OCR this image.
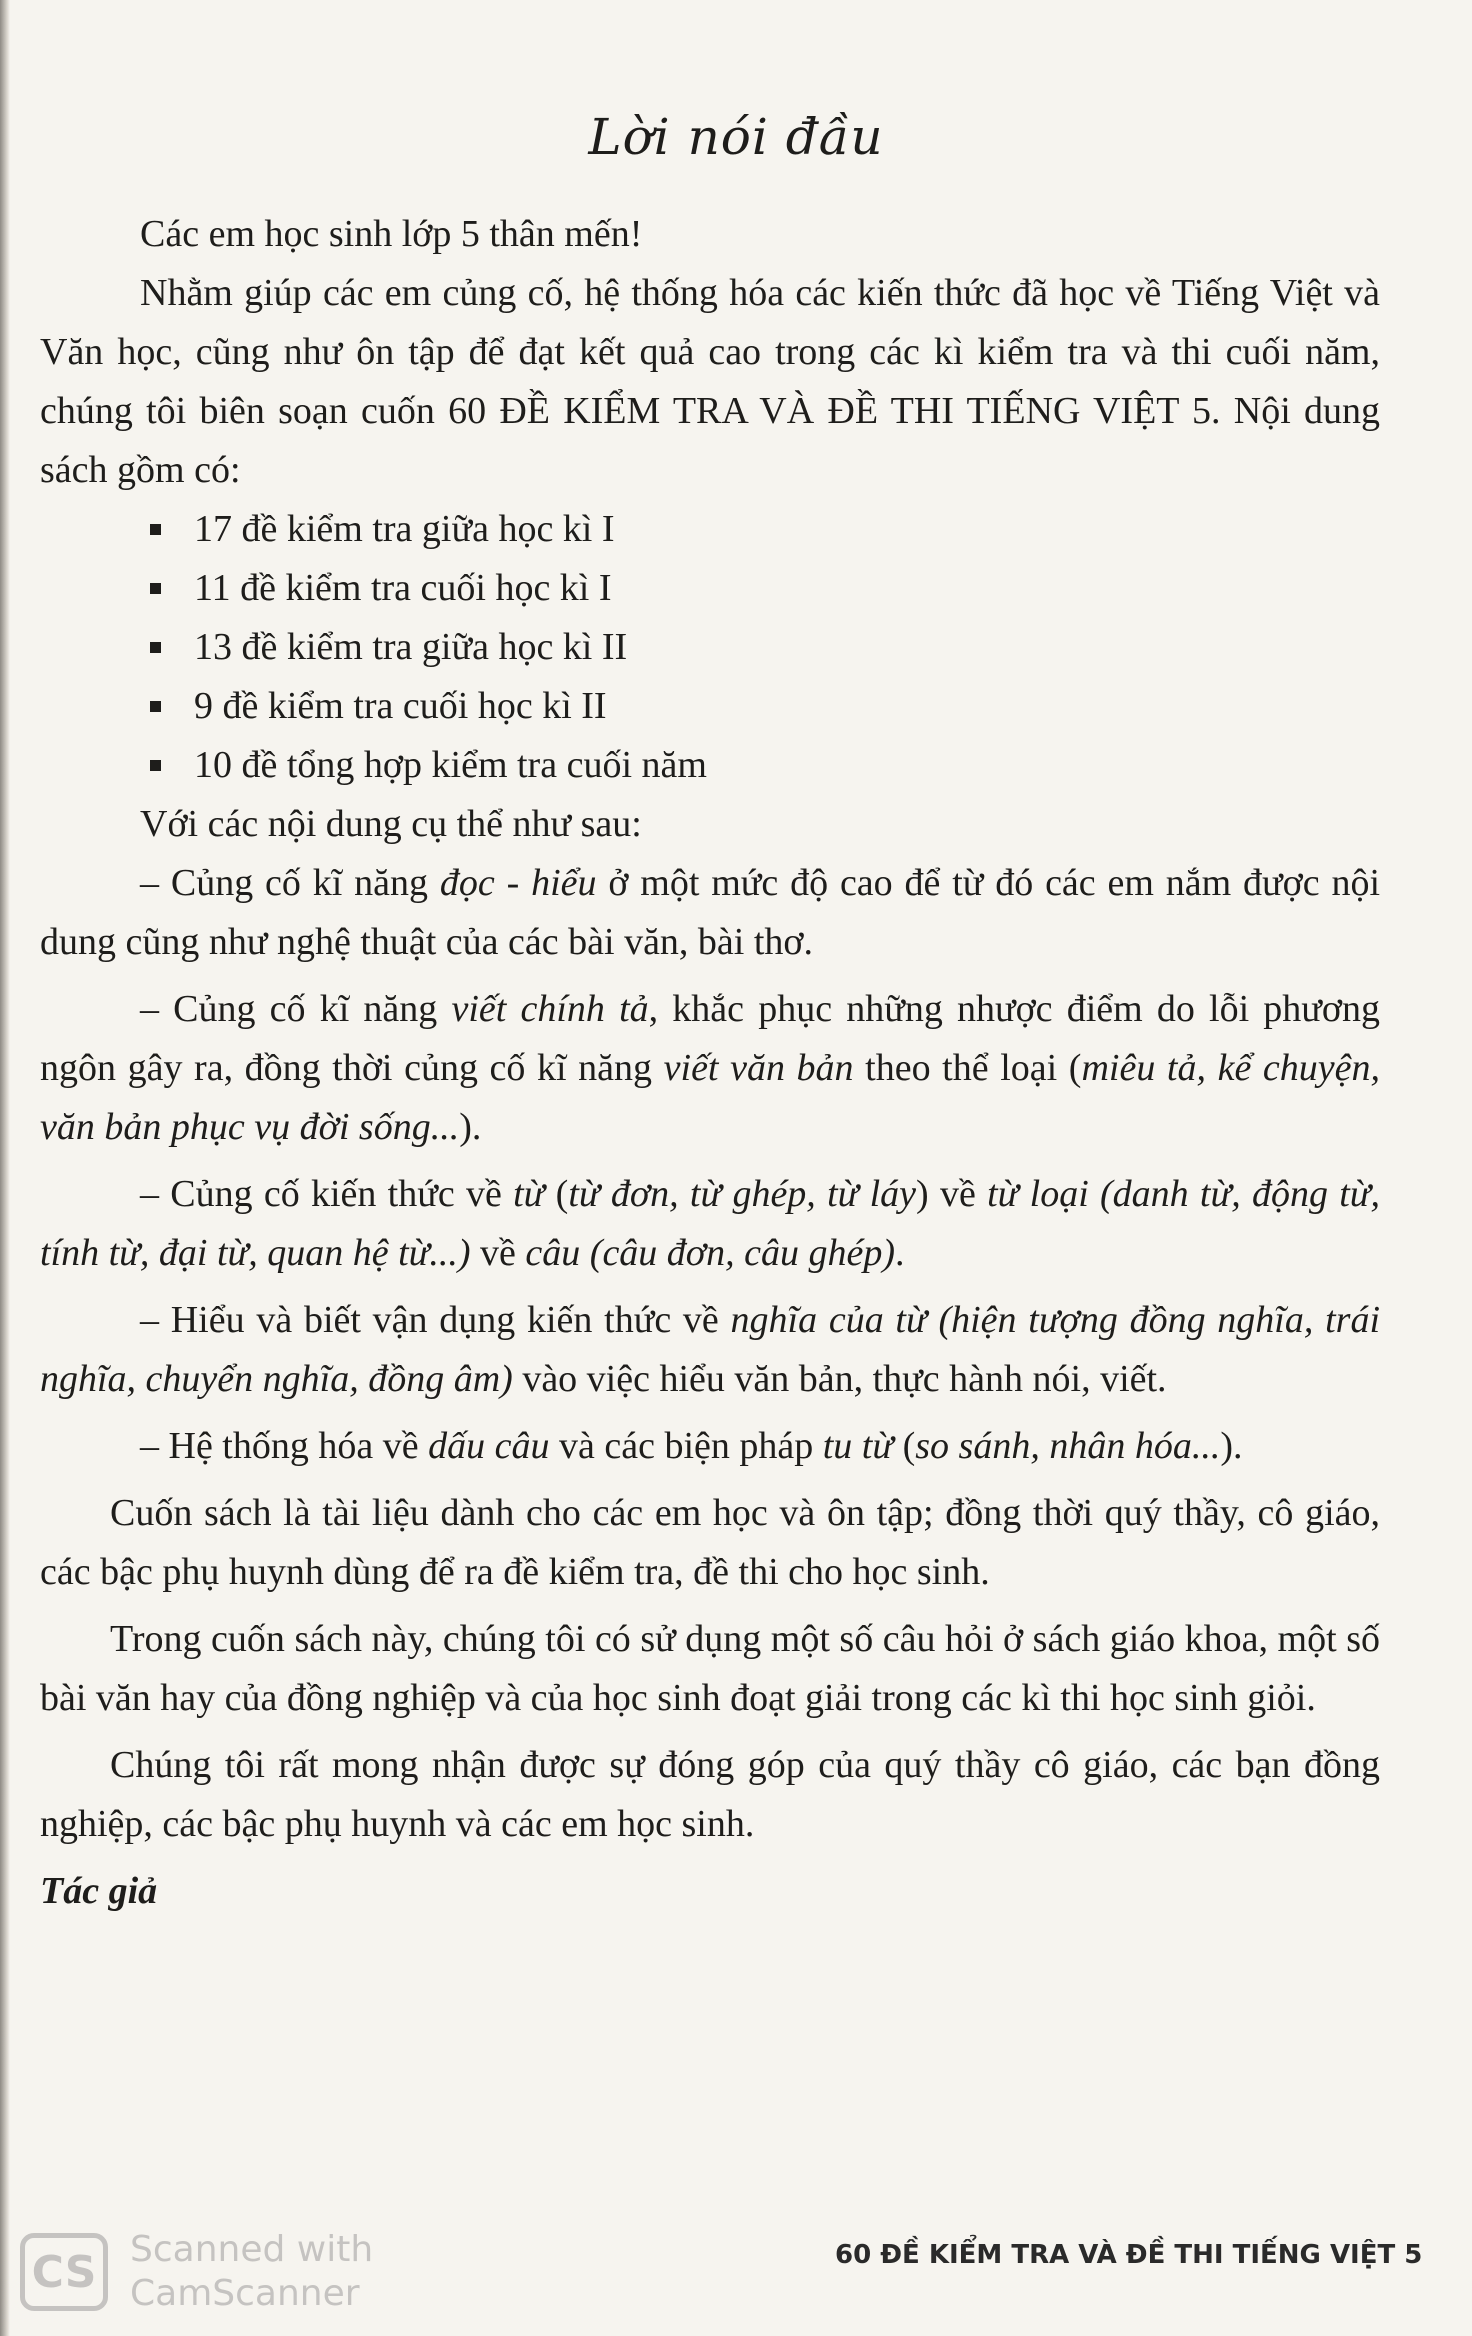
Lời nói đầu

Các em học sinh lớp 5 thân mến!

Nhằm giúp các em củng cố, hệ thống hóa các kiến thức đã học về Tiếng Việt và Văn học, cũng như ôn tập để đạt kết quả cao trong các kì kiểm tra và thi cuối năm, chúng tôi biên soạn cuốn 60 ĐỀ KIỂM TRA VÀ ĐỀ THI TIẾNG VIỆT 5. Nội dung sách gồm có:

17 đề kiểm tra giữa học kì I
11 đề kiểm tra cuối học kì I
13 đề kiểm tra giữa học kì II
9 đề kiểm tra cuối học kì II
10 đề tổng hợp kiểm tra cuối năm

Với các nội dung cụ thể như sau:

– Củng cố kĩ năng đọc - hiểu ở một mức độ cao để từ đó các em nắm được nội dung cũng như nghệ thuật của các bài văn, bài thơ.

– Củng cố kĩ năng viết chính tả, khắc phục những nhược điểm do lỗi phương ngôn gây ra, đồng thời củng cố kĩ năng viết văn bản theo thể loại (miêu tả, kể chuyện, văn bản phục vụ đời sống...).

– Củng cố kiến thức về từ (từ đơn, từ ghép, từ láy) về từ loại (danh từ, động từ, tính từ, đại từ, quan hệ từ...) về câu (câu đơn, câu ghép).

– Hiểu và biết vận dụng kiến thức về nghĩa của từ (hiện tượng đồng nghĩa, trái nghĩa, chuyển nghĩa, đồng âm) vào việc hiểu văn bản, thực hành nói, viết.

– Hệ thống hóa về dấu câu và các biện pháp tu từ (so sánh, nhân hóa...).

Cuốn sách là tài liệu dành cho các em học và ôn tập; đồng thời quý thầy, cô giáo, các bậc phụ huynh dùng để ra đề kiểm tra, đề thi cho học sinh.

Trong cuốn sách này, chúng tôi có sử dụng một số câu hỏi ở sách giáo khoa, một số bài văn hay của đồng nghiệp và của học sinh đoạt giải trong các kì thi học sinh giỏi.

Chúng tôi rất mong nhận được sự đóng góp của quý thầy cô giáo, các bạn đồng nghiệp, các bậc phụ huynh và các em học sinh.

Tác giả

CS Scanned with
CamScanner
60 ĐỀ KIỂM TRA VÀ ĐỀ THI TIẾNG VIỆT 5
